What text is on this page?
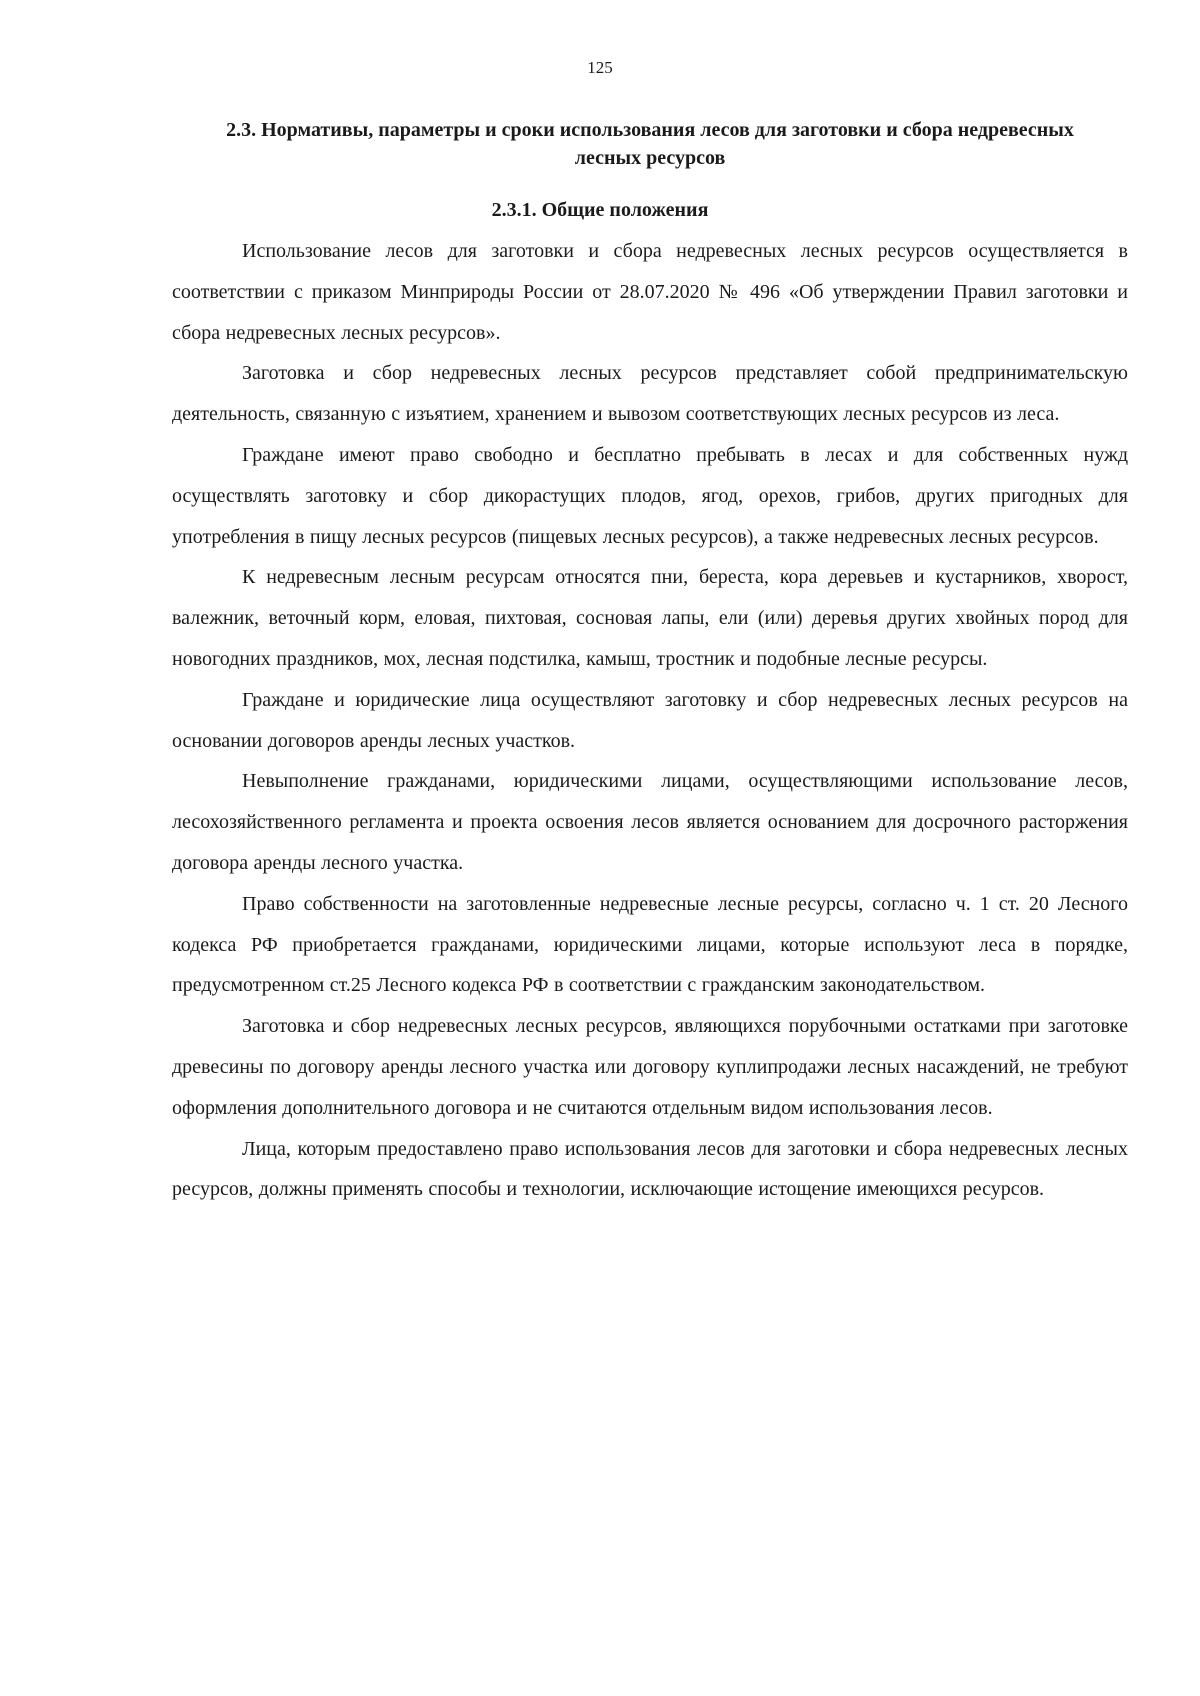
125
2.3. Нормативы, параметры и сроки использования лесов для заготовки и сбора недревесных лесных ресурсов
2.3.1. Общие положения

Использование лесов для заготовки и сбора недревесных лесных ресурсов осуществляется в соответствии с приказом Минприроды России от 28.07.2020 № 496 «Об утверждении Правил заготовки и сбора недревесных лесных ресурсов».

Заготовка и сбор недревесных лесных ресурсов представляет собой предпринимательскую деятельность, связанную с изъятием, хранением и вывозом соответствующих лесных ресурсов из леса.

Граждане имеют право свободно и бесплатно пребывать в лесах и для собственных нужд осуществлять заготовку и сбор дикорастущих плодов, ягод, орехов, грибов, других пригодных для употребления в пищу лесных ресурсов (пищевых лесных ресурсов), а также недревесных лесных ресурсов.

К недревесным лесным ресурсам относятся пни, береста, кора деревьев и кустарников, хворост, валежник, веточный корм, еловая, пихтовая, сосновая лапы, ели (или) деревья других хвойных пород для новогодних праздников, мох, лесная подстилка, камыш, тростник и подобные лесные ресурсы.

Граждане и юридические лица осуществляют заготовку и сбор недревесных лесных ресурсов на основании договоров аренды лесных участков.

Невыполнение гражданами, юридическими лицами, осуществляющими использование лесов, лесохозяйственного регламента и проекта освоения лесов является основанием для досрочного расторжения договора аренды лесного участка.

Право собственности на заготовленные недревесные лесные ресурсы, согласно ч. 1 ст. 20 Лесного кодекса РФ приобретается гражданами, юридическими лицами, которые используют леса в порядке, предусмотренном ст.25 Лесного кодекса РФ в соответствии с гражданским законодательством.

Заготовка и сбор недревесных лесных ресурсов, являющихся порубочными остатками при заготовке древесины по договору аренды лесного участка или договору куплипродажи лесных насаждений, не требуют оформления дополнительного договора и не считаются отдельным видом использования лесов.

Лица, которым предоставлено право использования лесов для заготовки и сбора недревесных лесных ресурсов, должны применять способы и технологии, исключающие истощение имеющихся ресурсов.
